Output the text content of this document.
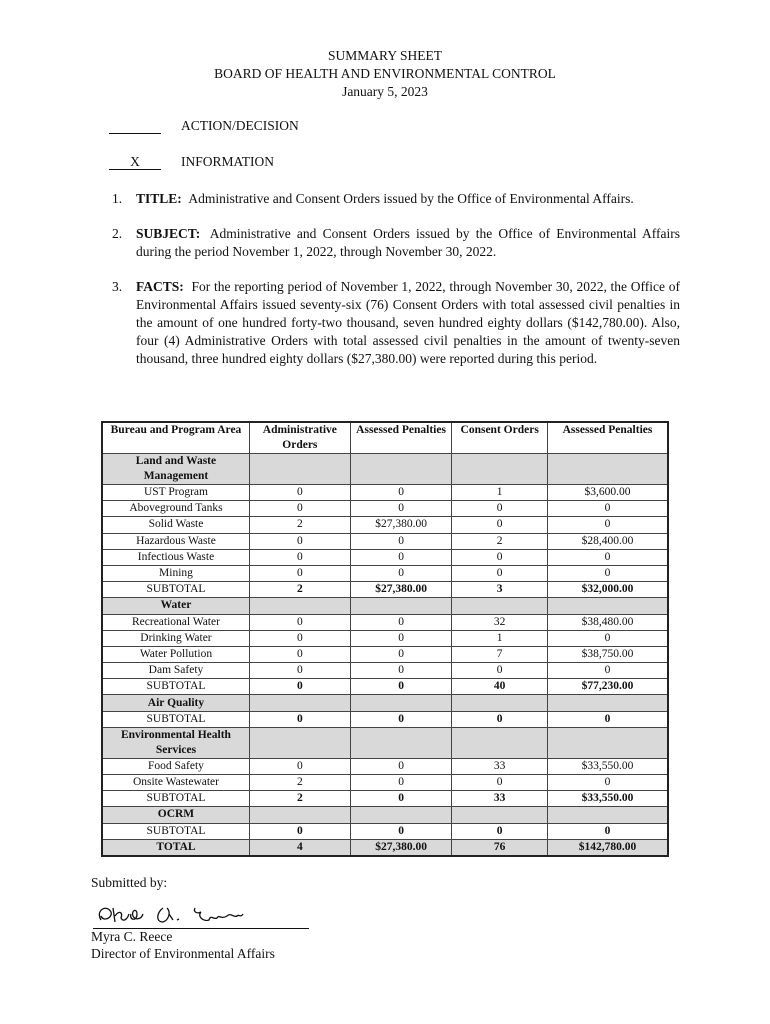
SUMMARY SHEET
BOARD OF HEALTH AND ENVIRONMENTAL CONTROL
January 5, 2023
ACTION/DECISION
X	INFORMATION
1.	TITLE: Administrative and Consent Orders issued by the Office of Environmental Affairs.
2.	SUBJECT: Administrative and Consent Orders issued by the Office of Environmental Affairs during the period November 1, 2022, through November 30, 2022.
3.	FACTS: For the reporting period of November 1, 2022, through November 30, 2022, the Office of Environmental Affairs issued seventy-six (76) Consent Orders with total assessed civil penalties in the amount of one hundred forty-two thousand, seven hundred eighty dollars ($142,780.00). Also, four (4) Administrative Orders with total assessed civil penalties in the amount of twenty-seven thousand, three hundred eighty dollars ($27,380.00) were reported during this period.
Bureau and Program Area	Administrative Orders	Assessed Penalties	Consent Orders	Assessed Penalties
Land and Waste Management				
UST Program	0	0	1	$3,600.00
Aboveground Tanks	0	0	0	0
Solid Waste	2	$27,380.00	0	0
Hazardous Waste	0	0	2	$28,400.00
Infectious Waste	0	0	0	0
Mining	0	0	0	0
SUBTOTAL	2	$27,380.00	3	$32,000.00
Water				
Recreational Water	0	0	32	$38,480.00
Drinking Water	0	0	1	0
Water Pollution	0	0	7	$38,750.00
Dam Safety	0	0	0	0
SUBTOTAL	0	0	40	$77,230.00
Air Quality				
SUBTOTAL	0	0	0	0
Environmental Health Services				
Food Safety	0	0	33	$33,550.00
Onsite Wastewater	2	0	0	0
SUBTOTAL	2	0	33	$33,550.00
OCRM				
SUBTOTAL	0	0	0	0
TOTAL	4	$27,380.00	76	$142,780.00
Submitted by:
Myra C. Reece
Director of Environmental Affairs
